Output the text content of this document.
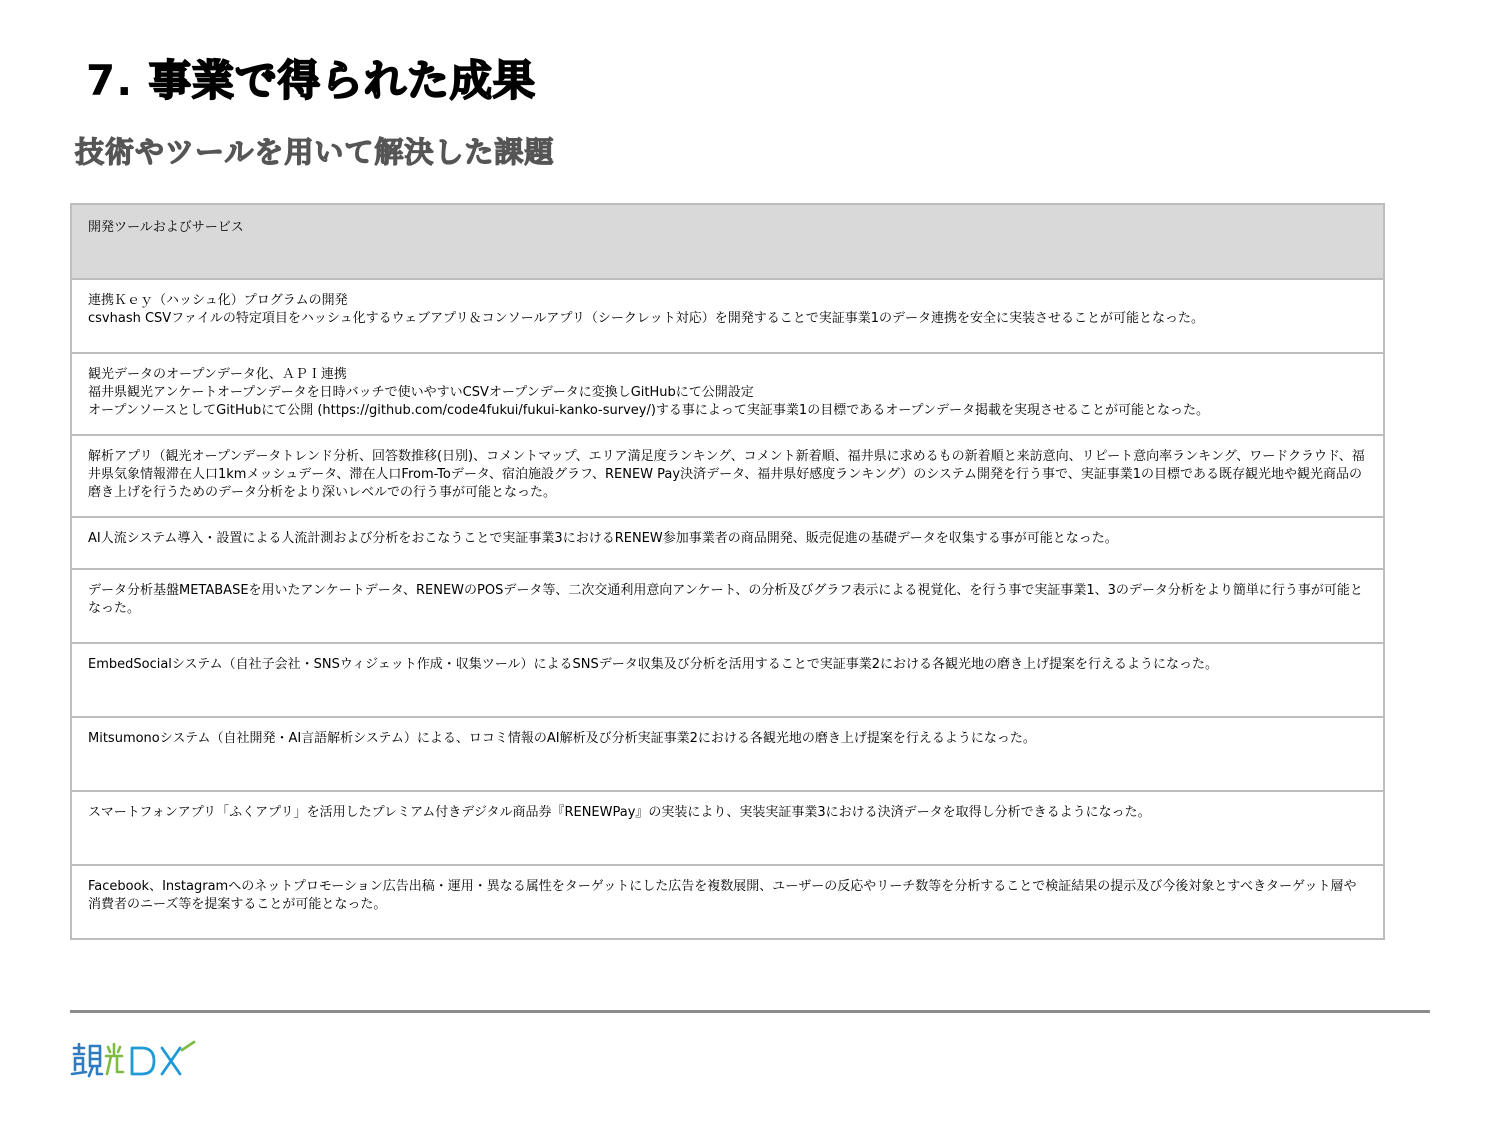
7. 事業で得られた成果
技術やツールを用いて解決した課題
開発ツールおよびサービス

連携Ｋｅｙ（ハッシュ化）プログラムの開発
csvhash CSVファイルの特定項目をハッシュ化するウェブアプリ＆コンソールアプリ（シークレット対応）を開発することで実証事業1のデータ連携を安全に実装させることが可能となった。

観光データのオープンデータ化、ＡＰＩ連携
福井県観光アンケートオープンデータを日時バッチで使いやすいCSVオープンデータに変換しGitHubにて公開設定
オープンソースとしてGitHubにて公開 (https://github.com/code4fukui/fukui-kanko-survey/)する事によって実証事業1の目標であるオープンデータ掲載を実現させることが可能となった。

解析アプリ（観光オープンデータトレンド分析、回答数推移(日別)、コメントマップ、エリア満足度ランキング、コメント新着順、福井県に求めるもの新着順と来訪意向、リピート意向率ランキング、ワードクラウド、福井県気象情報滞在人口1kmメッシュデータ、滞在人口From-Toデータ、宿泊施設グラフ、RENEW Pay決済データ、福井県好感度ランキング）のシステム開発を行う事で、実証事業1の目標である既存観光地や観光商品の磨き上げを行うためのデータ分析をより深いレベルでの行う事が可能となった。

AI人流システム導入・設置による人流計測および分析をおこなうことで実証事業3におけるRENEW参加事業者の商品開発、販売促進の基礎データを収集する事が可能となった。

データ分析基盤METABASEを用いたアンケートデータ、RENEWのPOSデータ等、二次交通利用意向アンケート、の分析及びグラフ表示による視覚化、を行う事で実証事業1、3のデータ分析をより簡単に行う事が可能となった。

EmbedSocialシステム（自社子会社・SNSウィジェット作成・収集ツール）によるSNSデータ収集及び分析を活用することで実証事業2における各観光地の磨き上げ提案を行えるようになった。

Mitsumonoシステム（自社開発・AI言語解析システム）による、ロコミ情報のAI解析及び分析実証事業2における各観光地の磨き上げ提案を行えるようになった。

スマートフォンアプリ「ふくアプリ」を活用したプレミアム付きデジタル商品券『RENEWPay』の実装により、実装実証事業3における決済データを取得し分析できるようになった。

Facebook、Instagramへのネットプロモーション広告出稿・運用・異なる属性をターゲットにした広告を複数展開、ユーザーの反応やリーチ数等を分析することで検証結果の提示及び今後対象とすべきターゲット層や消費者のニーズ等を提案することが可能となった。
